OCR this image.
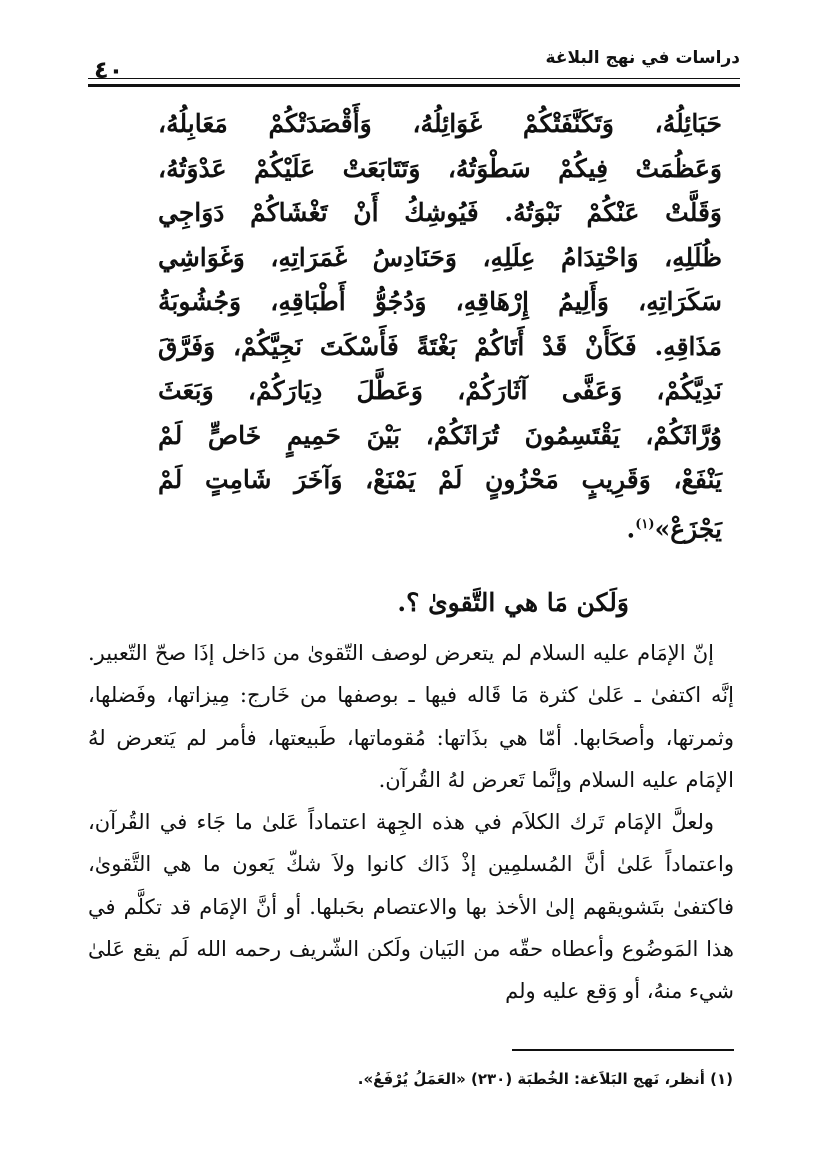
دراسات في نهج البلاغة
٤٠

حَبَائِلُهُ، وَتَكَنَّفَتْكُمْ غَوَائِلُهُ، وَأَقْصَدَتْكُمْ مَعَابِلُهُ،

وَعَظُمَتْ فِيكُمْ سَطْوَتُهُ، وَتَتَابَعَتْ عَلَيْكُمْ عَدْوَتُهُ،

وَقَلَّتْ عَنْكُمْ نَبْوَتُهُ. فَيُوشِكُ أَنْ تَغْشَاكُمْ دَوَاجِي

ظُلَلِهِ، وَاحْتِدَامُ عِلَلِهِ، وَحَنَادِسُ غَمَرَاتِهِ، وَغَوَاشِي

سَكَرَاتِهِ، وَأَلِيمُ إِرْهَاقِهِ، وَدُجُوُّ أَطْبَاقِهِ، وَجُشُوبَةُ

مَذَاقِهِ. فَكَأَنْ قَدْ أَتَاكُمْ بَغْتَةً فَأَسْكَتَ نَجِيَّكُمْ، وَفَرَّقَ

نَدِيَّكُمْ، وَعَفَّى آثَارَكُمْ، وَعَطَّلَ دِيَارَكُمْ، وَبَعَثَ

وُرَّاثَكُمْ، يَقْتَسِمُونَ تُرَاثَكُمْ، بَيْنَ حَمِيمٍ خَاصٍّ لَمْ

يَنْفَعْ، وَقَرِيبٍ مَحْزُونٍ لَمْ يَمْنَعْ، وَآخَرَ شَامِتٍ لَمْ

يَجْزَعْ»$^{(١)}$.

وَلَكن مَا هي التَّقوىٰ ؟.

إنّ الإمَام عليه السلام لم يتعرض لوصف التّقوىٰ من دَاخل إذَا صحّ التّعبير. إنَّه اكتفىٰ ـ عَلىٰ كثرة مَا قَاله فيها ـ بوصفها من خَارج: مِيزاتها، وفَضلها، وثمرتها، وأصحَابها. أمّا هي بذَاتها: مُقوماتها، طَبيعتها، فأمر لم يَتعرض لهُ الإمَام عليه السلام وإنَّما تَعرض لهُ القُرآن.

ولعلَّ الإمَام تَرك الكلاَم في هذه الجِهة اعتماداً عَلىٰ ما جَاء في القُرآن، واعتماداً عَلىٰ أنَّ المُسلمِين إذْ ذَاك كانوا ولاَ شكّ يَعون ما هي التَّقوىٰ، فاكتفىٰ بتَشويقهم إلىٰ الأخذ بها والاعتصام بحَبلها. أو أنَّ الإمَام قد تكلَّم في هذا المَوضُوع وأعطاه حقّه من البَيان ولَكن الشّريف رحمه الله لَم يقع عَلىٰ شيء منهُ، أو وَقع عليه ولم

(١) أنظر، نَهج البَلاَغة: الخُطبَة (٢٣٠) «العَمَلُ يُرْفَعُ».
